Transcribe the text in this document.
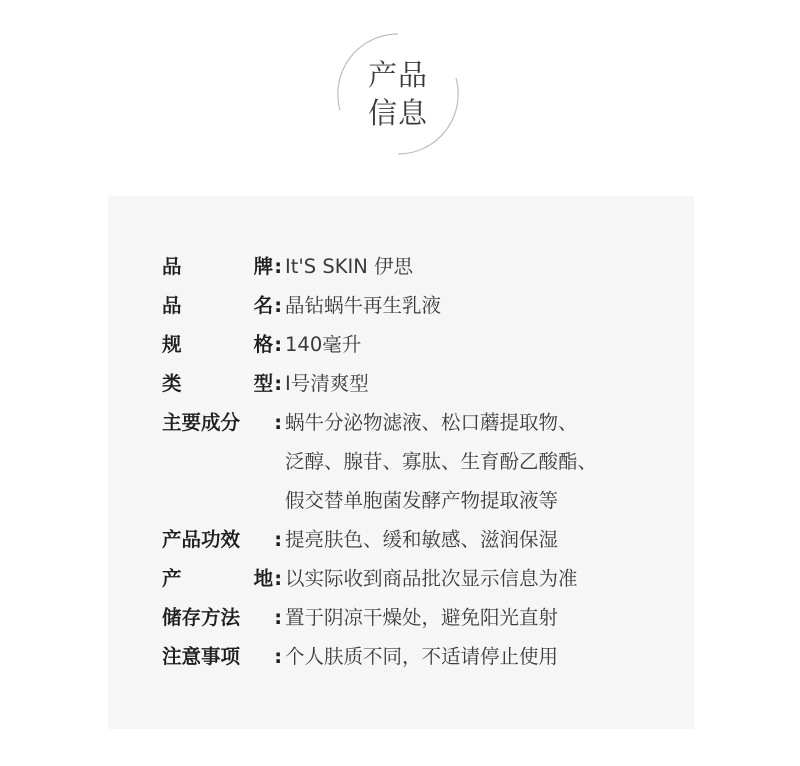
产品
信息
品	牌 : It'S SKIN 伊思
品	名 : 晶钻蜗牛再生乳液
规	格 : 140毫升
类	型 : I号清爽型
主要成分 : 蜗牛分泌物滤液、松口蘑提取物、
泛醇、腺苷、寡肽、生育酚乙酸酯、
假交替单胞菌发酵产物提取液等
产品功效 : 提亮肤色、缓和敏感、滋润保湿
产	地 : 以实际收到商品批次显示信息为准
储存方法 : 置于阴凉干燥处，避免阳光直射
注意事项 : 个人肤质不同，不适请停止使用
